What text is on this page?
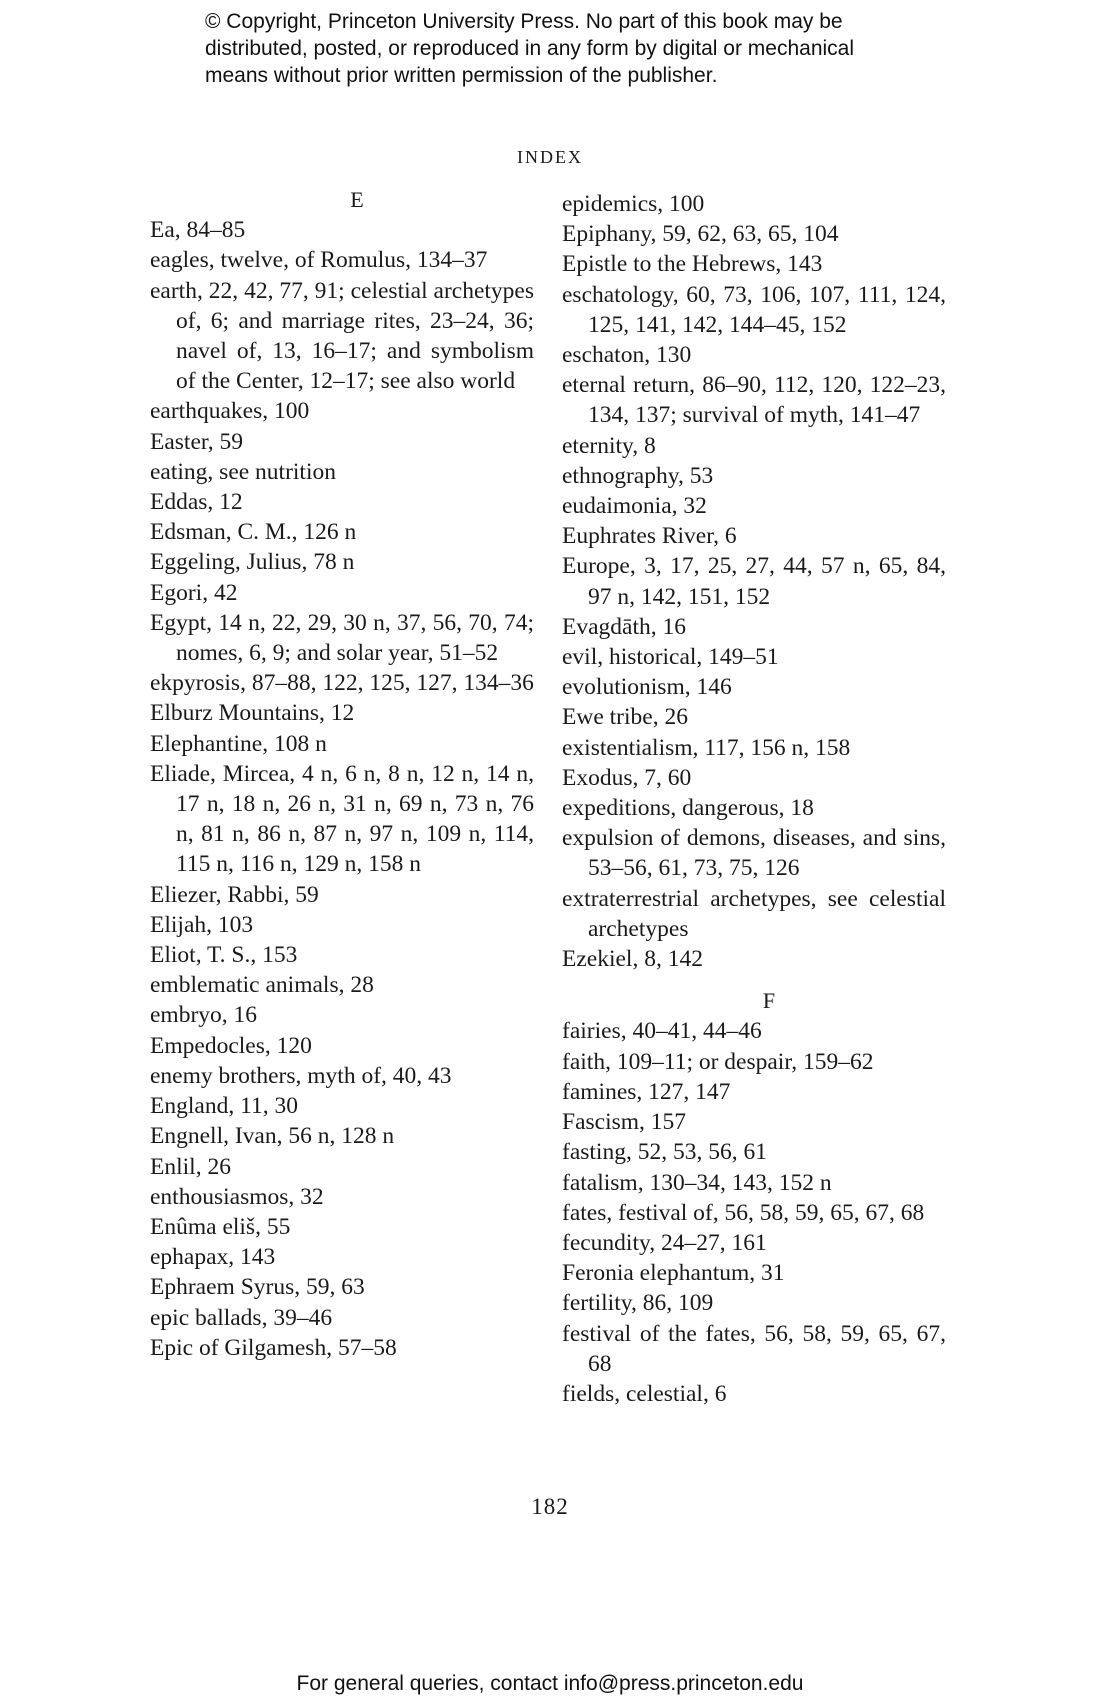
© Copyright, Princeton University Press. No part of this book may be
distributed, posted, or reproduced in any form by digital or mechanical
means without prior written permission of the publisher.
INDEX

E

Ea, 84–85

eagles, twelve, of Romulus, 134–37

earth, 22, 42, 77, 91; celestial archetypes of, 6; and marriage rites, 23–24, 36; navel of, 13, 16–17; and symbolism of the Center, 12–17; see also world

earthquakes, 100

Easter, 59

eating, see nutrition

Eddas, 12

Edsman, C. M., 126 n

Eggeling, Julius, 78 n

Egori, 42

Egypt, 14 n, 22, 29, 30 n, 37, 56, 70, 74; nomes, 6, 9; and solar year, 51–52

ekpyrosis, 87–88, 122, 125, 127, 134–36

Elburz Mountains, 12

Elephantine, 108 n

Eliade, Mircea, 4 n, 6 n, 8 n, 12 n, 14 n, 17 n, 18 n, 26 n, 31 n, 69 n, 73 n, 76 n, 81 n, 86 n, 87 n, 97 n, 109 n, 114, 115 n, 116 n, 129 n, 158 n

Eliezer, Rabbi, 59

Elijah, 103

Eliot, T. S., 153

emblematic animals, 28

embryo, 16

Empedocles, 120

enemy brothers, myth of, 40, 43

England, 11, 30

Engnell, Ivan, 56 n, 128 n

Enlil, 26

enthousiasmos, 32

Enûma eliš, 55

ephapax, 143

Ephraem Syrus, 59, 63

epic ballads, 39–46

Epic of Gilgamesh, 57–58

epidemics, 100

Epiphany, 59, 62, 63, 65, 104

Epistle to the Hebrews, 143

eschatology, 60, 73, 106, 107, 111, 124, 125, 141, 142, 144–45, 152

eschaton, 130

eternal return, 86–90, 112, 120, 122–23, 134, 137; survival of myth, 141–47

eternity, 8

ethnography, 53

eudaimonia, 32

Euphrates River, 6

Europe, 3, 17, 25, 27, 44, 57 n, 65, 84, 97 n, 142, 151, 152

Evagdāth, 16

evil, historical, 149–51

evolutionism, 146

Ewe tribe, 26

existentialism, 117, 156 n, 158

Exodus, 7, 60

expeditions, dangerous, 18

expulsion of demons, diseases, and sins, 53–56, 61, 73, 75, 126

extraterrestrial archetypes, see celestial archetypes

Ezekiel, 8, 142

F

fairies, 40–41, 44–46

faith, 109–11; or despair, 159–62

famines, 127, 147

Fascism, 157

fasting, 52, 53, 56, 61

fatalism, 130–34, 143, 152 n

fates, festival of, 56, 58, 59, 65, 67, 68

fecundity, 24–27, 161

Feronia elephantum, 31

fertility, 86, 109

festival of the fates, 56, 58, 59, 65, 67, 68

fields, celestial, 6

182
For general queries, contact info@press.princeton.edu
